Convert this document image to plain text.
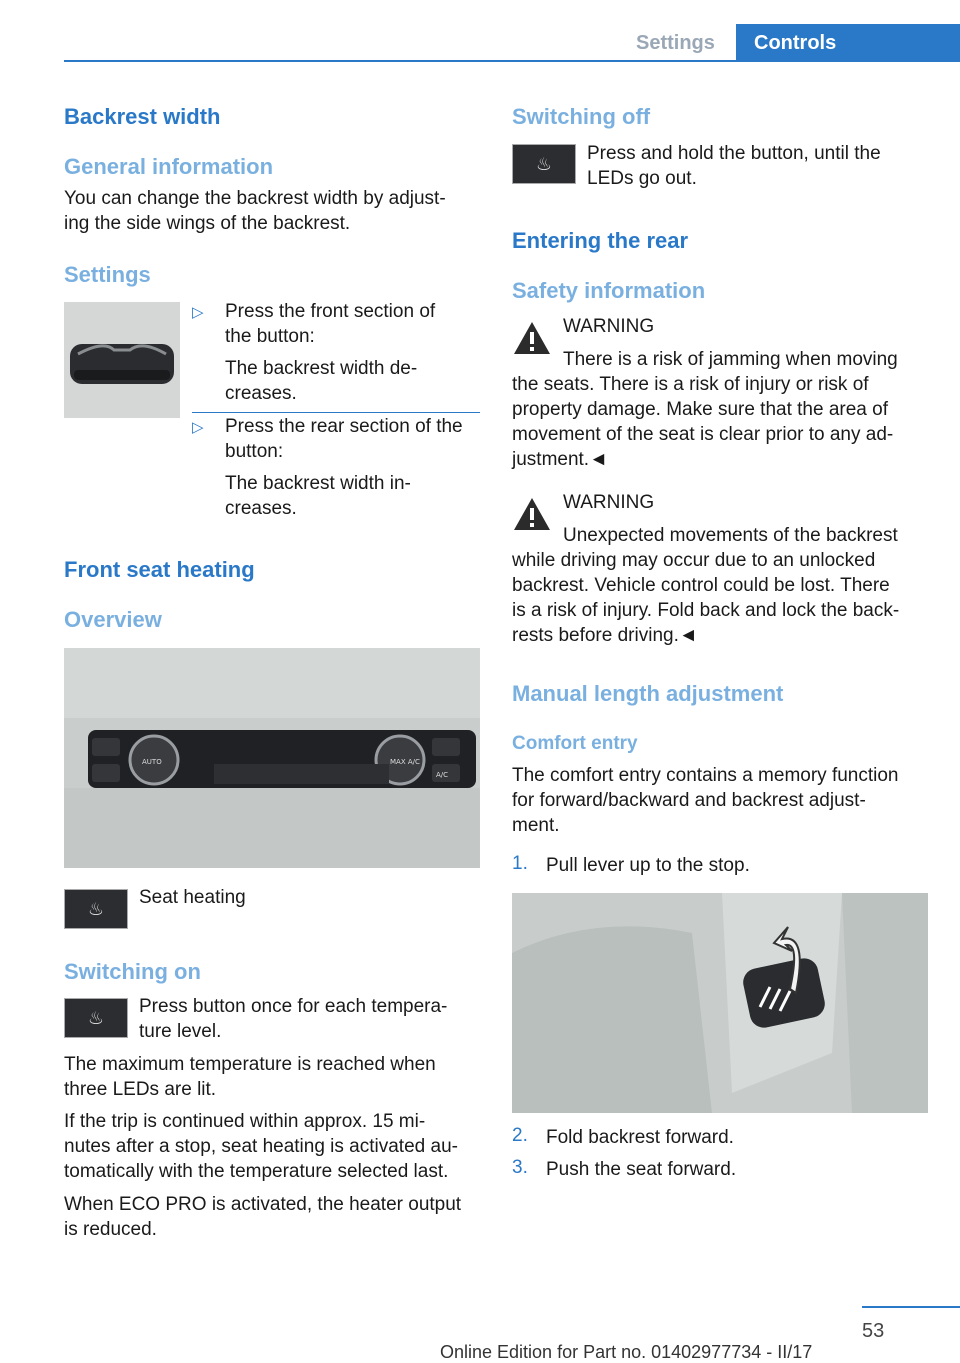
Settings	Controls
Backrest width
General information
You can change the backrest width by adjust‐
ing the side wings of the backrest.
Settings
▷ Press the front section of
the button:
The backrest width de‐
creases.
▷ Press the rear section of the
button:
The backrest width in‐
creases.
Front seat heating
Overview
AUTO	MAX A/C
A/C
♨
Seat heating
Switching on
♨
Press button once for each tempera‐
ture level.
The maximum temperature is reached when
three LEDs are lit.
If the trip is continued within approx. 15 mi‐
nutes after a stop, seat heating is activated au‐
tomatically with the temperature selected last.
When ECO PRO is activated, the heater output
is reduced.
Switching off
♨ Press and hold the button, until the
LEDs go out.
Entering the rear
Safety information
WARNING
There is a risk of jamming when moving
the seats. There is a risk of injury or risk of
property damage. Make sure that the area of
movement of the seat is clear prior to any ad‐
justment.◄
WARNING
Unexpected movements of the backrest
while driving may occur due to an unlocked
backrest. Vehicle control could be lost. There
is a risk of injury. Fold back and lock the back‐
rests before driving.◄
Manual length adjustment
Comfort entry
The comfort entry contains a memory function
for forward/backward and backrest adjust‐
ment.
1. Pull lever up to the stop.
2. Fold backrest forward.
3. Push the seat forward.
53
Online Edition for Part no. 01402977734 - II/17
